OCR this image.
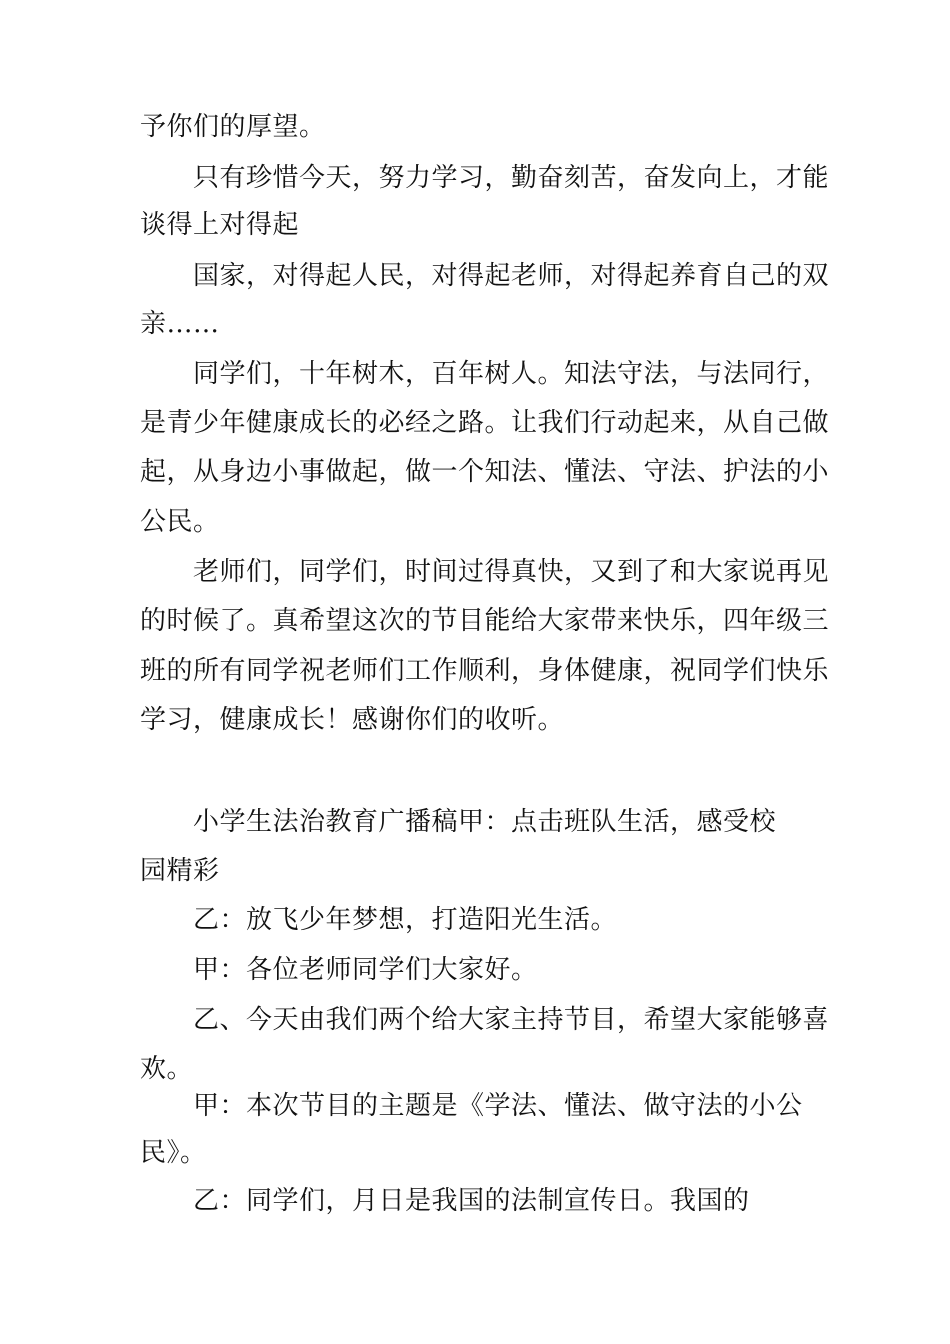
予你们的厚望。
只有珍惜今天，努力学习，勤奋刻苦，奋发向上，才能
谈得上对得起
国家，对得起人民，对得起老师，对得起养育自己的双
亲……
同学们，十年树木，百年树人。知法守法，与法同行，
是青少年健康成长的必经之路。让我们行动起来，从自己做
起，从身边小事做起，做一个知法、懂法、守法、护法的小
公民。
老师们，同学们，时间过得真快，又到了和大家说再见
的时候了。真希望这次的节目能给大家带来快乐，四年级三
班的所有同学祝老师们工作顺利，身体健康，祝同学们快乐
学习，健康成长！感谢你们的收听。
小学生法治教育广播稿甲：点击班队生活，感受校
园精彩
乙：放飞少年梦想，打造阳光生活。
甲：各位老师同学们大家好。
乙、今天由我们两个给大家主持节目，希望大家能够喜
欢。
甲：本次节目的主题是《学法、懂法、做守法的小公
民》。
乙：同学们，月日是我国的法制宣传日。我国的
